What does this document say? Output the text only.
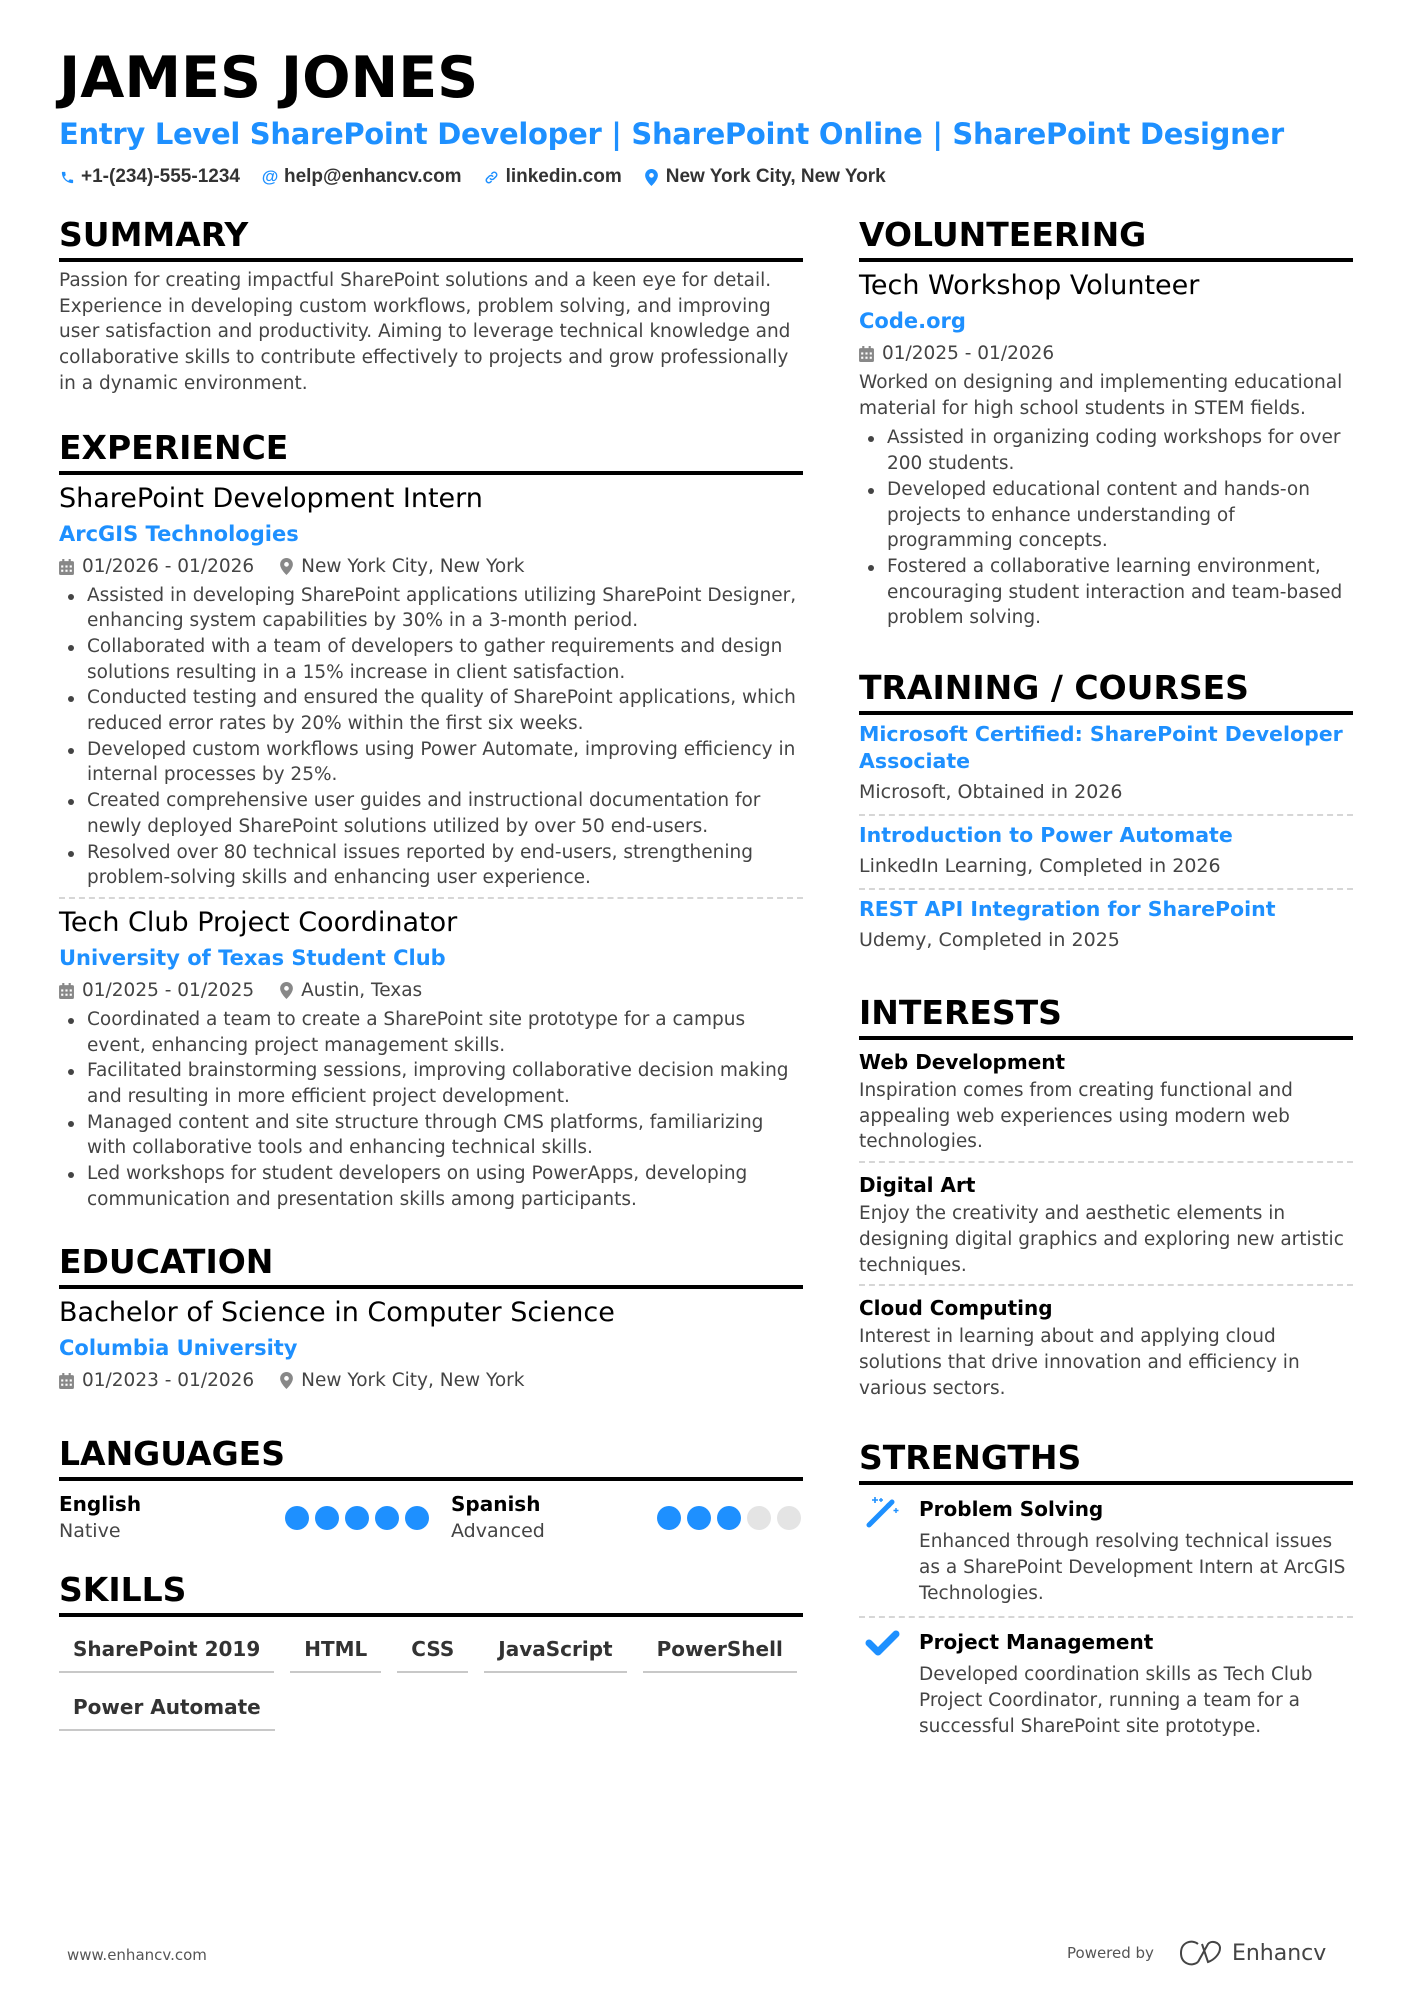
JAMES JONES
Entry Level SharePoint Developer | SharePoint Online | SharePoint Designer
+1-(234)-555-1234 @ help@enhancv.com linkedin.com New York City, New York
SUMMARY

Passion for creating impactful SharePoint solutions and a keen eye for detail. Experience in developing custom workflows, problem solving, and improving user satisfaction and productivity. Aiming to leverage technical knowledge and collaborative skills to contribute effectively to projects and grow professionally in a dynamic environment.

EXPERIENCE
SharePoint Development Intern
ArcGIS Technologies
01/2026 - 01/2026	New York City, New York
Assisted in developing SharePoint applications utilizing SharePoint Designer, enhancing system capabilities by 30% in a 3-month period.
Collaborated with a team of developers to gather requirements and design solutions resulting in a 15% increase in client satisfaction.
Conducted testing and ensured the quality of SharePoint applications, which reduced error rates by 20% within the first six weeks.
Developed custom workflows using Power Automate, improving efficiency in internal processes by 25%.
Created comprehensive user guides and instructional documentation for newly deployed SharePoint solutions utilized by over 50 end-users.
Resolved over 80 technical issues reported by end-users, strengthening problem-solving skills and enhancing user experience.
Tech Club Project Coordinator
University of Texas Student Club
01/2025 - 01/2025	Austin, Texas
Coordinated a team to create a SharePoint site prototype for a campus event, enhancing project management skills.
Facilitated brainstorming sessions, improving collaborative decision making and resulting in more efficient project development.
Managed content and site structure through CMS platforms, familiarizing with collaborative tools and enhancing technical skills.
Led workshops for student developers on using PowerApps, developing communication and presentation skills among participants.
EDUCATION
Bachelor of Science in Computer Science
Columbia University
01/2023 - 01/2026	New York City, New York
LANGUAGES
English
Native
Spanish
Advanced
SKILLS
SharePoint 2019	HTML	CSS	JavaScript	PowerShell
Power Automate
VOLUNTEERING
Tech Workshop Volunteer
Code.org
01/2025 - 01/2026

Worked on designing and implementing educational material for high school students in STEM fields.

Assisted in organizing coding workshops for over 200 students.
Developed educational content and hands-on projects to enhance understanding of programming concepts.
Fostered a collaborative learning environment, encouraging student interaction and team-based problem solving.
TRAINING / COURSES
Microsoft Certified: SharePoint Developer Associate
Microsoft, Obtained in 2026
Introduction to Power Automate
LinkedIn Learning, Completed in 2026
REST API Integration for SharePoint
Udemy, Completed in 2025
INTERESTS
Web Development

Inspiration comes from creating functional and appealing web experiences using modern web technologies.

Digital Art

Enjoy the creativity and aesthetic elements in designing digital graphics and exploring new artistic techniques.

Cloud Computing

Interest in learning about and applying cloud solutions that drive innovation and efficiency in various sectors.

STRENGTHS
Problem Solving

Enhanced through resolving technical issues as a SharePoint Development Intern at ArcGIS Technologies.

Project Management

Developed coordination skills as Tech Club Project Coordinator, running a team for a successful SharePoint site prototype.

www.enhancv.com	Powered by	Enhancv
